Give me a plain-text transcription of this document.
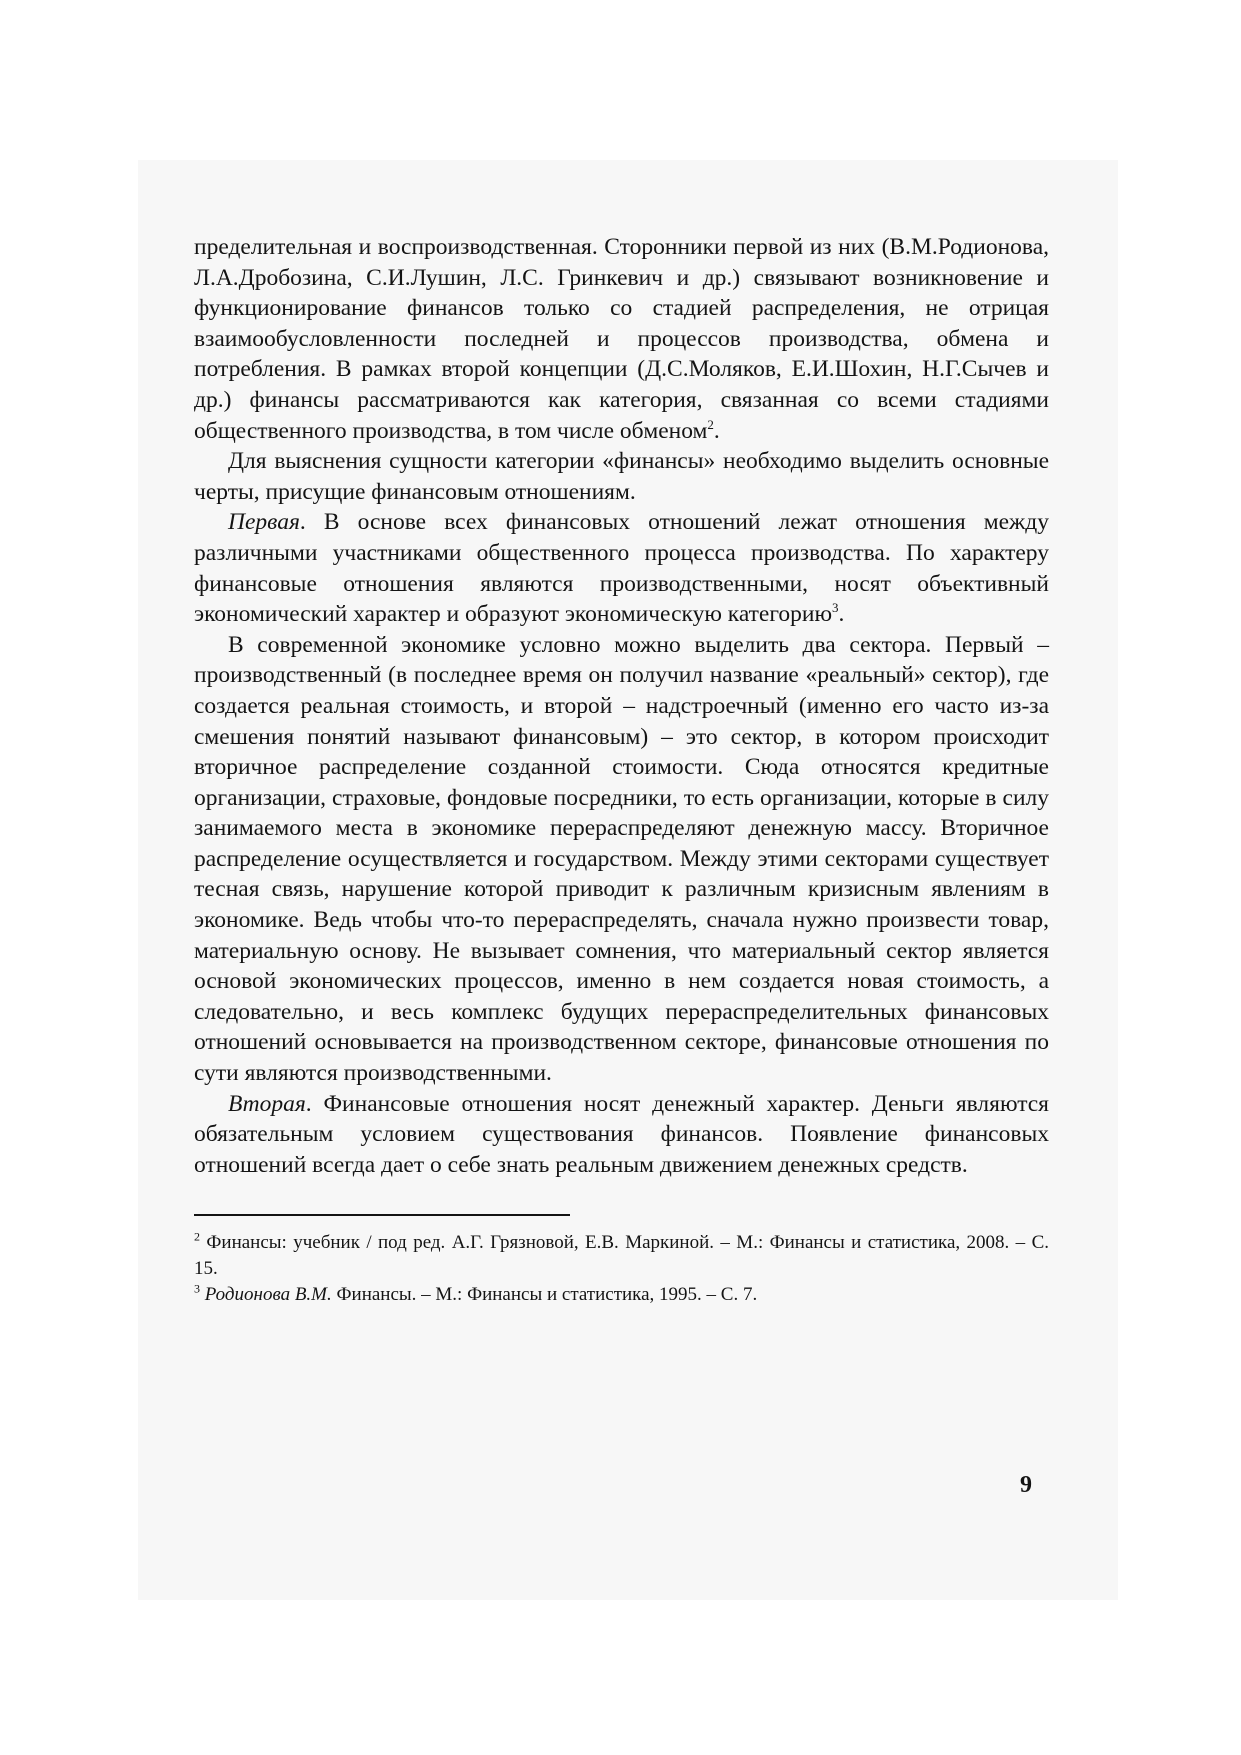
пределительная и воспроизводственная. Сторонники первой из них (В.М.Родионова, Л.А.Дробозина, С.И.Лушин, Л.С. Гринкевич и др.) связывают возникновение и функционирование финансов только со стадией распределения, не отрицая взаимообусловленности последней и процессов производства, обмена и потребления. В рамках второй концепции (Д.С.Моляков, Е.И.Шохин, Н.Г.Сычев и др.) финансы рассматриваются как категория, связанная со всеми стадиями общественного производства, в том числе обменом$^2$.

Для выяснения сущности категории «финансы» необходимо выделить основные черты, присущие финансовым отношениям.

Первая. В основе всех финансовых отношений лежат отношения между различными участниками общественного процесса производства. По характеру финансовые отношения являются производственными, носят объективный экономический характер и образуют экономическую категорию$^3$.

В современной экономике условно можно выделить два сектора. Первый – производственный (в последнее время он получил название «реальный» сектор), где создается реальная стоимость, и второй – надстроечный (именно его часто из-за смешения понятий называют финансовым) – это сектор, в котором происходит вторичное распределение созданной стоимости. Сюда относятся кредитные организации, страховые, фондовые посредники, то есть организации, которые в силу занимаемого места в экономике перераспределяют денежную массу. Вторичное распределение осуществляется и государством. Между этими секторами существует тесная связь, нарушение которой приводит к различным кризисным явлениям в экономике. Ведь чтобы что-то перераспределять, сначала нужно произвести товар, материальную основу. Не вызывает сомнения, что материальный сектор является основой экономических процессов, именно в нем создается новая стоимость, а следовательно, и весь комплекс будущих перераспределительных финансовых отношений основывается на производственном секторе, финансовые отношения по сути являются производственными.

Вторая. Финансовые отношения носят денежный характер. Деньги являются обязательным условием существования финансов. Появление финансовых отношений всегда дает о себе знать реальным движением денежных средств.

$^2$ Финансы: учебник / под ред. А.Г. Грязновой, Е.В. Маркиной. – М.: Финансы и статистика, 2008. – С. 15.

$^3$ Родионова В.М. Финансы. – М.: Финансы и статистика, 1995. – С. 7.

9
